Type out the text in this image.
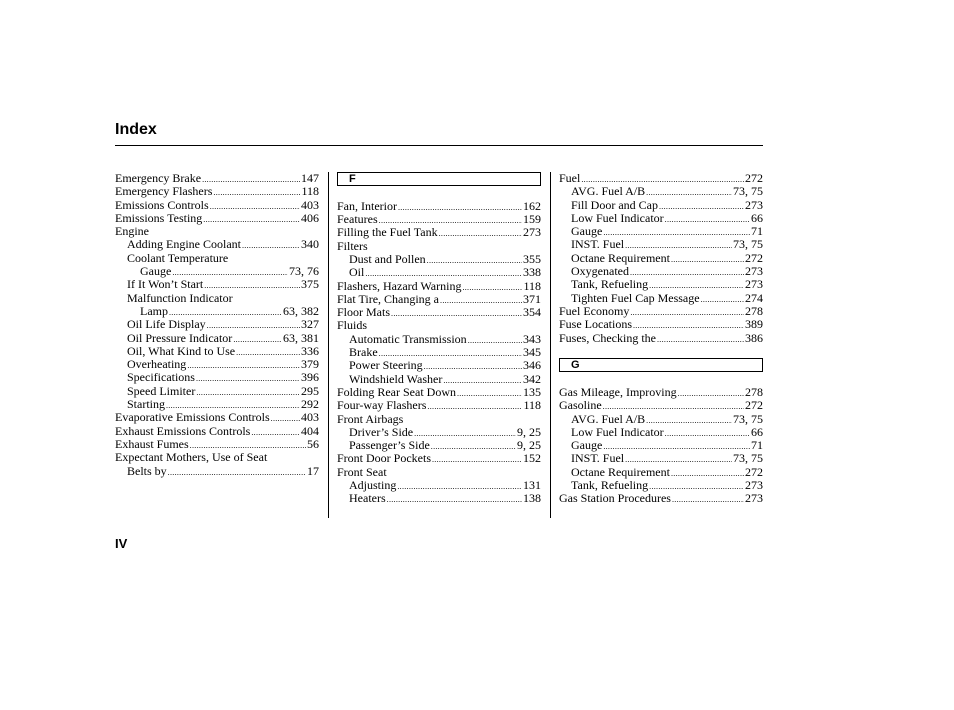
Index
Emergency Brake .....	147
Emergency Flashers .....	118
Emissions Controls .....	403
Emissions Testing .....	406
Engine
Adding Engine Coolant .....	340
Coolant Temperature
Gauge .....	73, 76
If It Won’t Start .....	375
Malfunction Indicator
Lamp .....	63, 382
Oil Life Display .....	327
Oil Pressure Indicator .....	63, 381
Oil, What Kind to Use .....	336
Overheating .....	379
Specifications .....	396
Speed Limiter .....	295
Starting .....	292
Evaporative Emissions Controls .....	403
Exhaust Emissions Controls .....	404
Exhaust Fumes .....	56
Expectant Mothers, Use of Seat
Belts by .....	17
F
Fan, Interior .....	162
Features .....	159
Filling the Fuel Tank .....	273
Filters
Dust and Pollen .....	355
Oil .....	338
Flashers, Hazard Warning .....	118
Flat Tire, Changing a .....	371
Floor Mats .....	354
Fluids
Automatic Transmission .....	343
Brake .....	345
Power Steering .....	346
Windshield Washer .....	342
Folding Rear Seat Down .....	135
Four-way Flashers .....	118
Front Airbags
Driver’s Side .....	9, 25
Passenger’s Side .....	9, 25
Front Door Pockets .....	152
Front Seat
Adjusting .....	131
Heaters .....	138
Fuel .....	272
AVG. Fuel A/B .....	73, 75
Fill Door and Cap .....	273
Low Fuel Indicator .....	66
Gauge .....	71
INST. Fuel .....	73, 75
Octane Requirement .....	272
Oxygenated .....	273
Tank, Refueling .....	273
Tighten Fuel Cap Message .....	274
Fuel Economy .....	278
Fuse Locations .....	389
Fuses, Checking the .....	386
G
Gas Mileage, Improving .....	278
Gasoline .....	272
AVG. Fuel A/B .....	73, 75
Low Fuel Indicator .....	66
Gauge .....	71
INST. Fuel .....	73, 75
Octane Requirement .....	272
Tank, Refueling .....	273
Gas Station Procedures .....	273
IV
